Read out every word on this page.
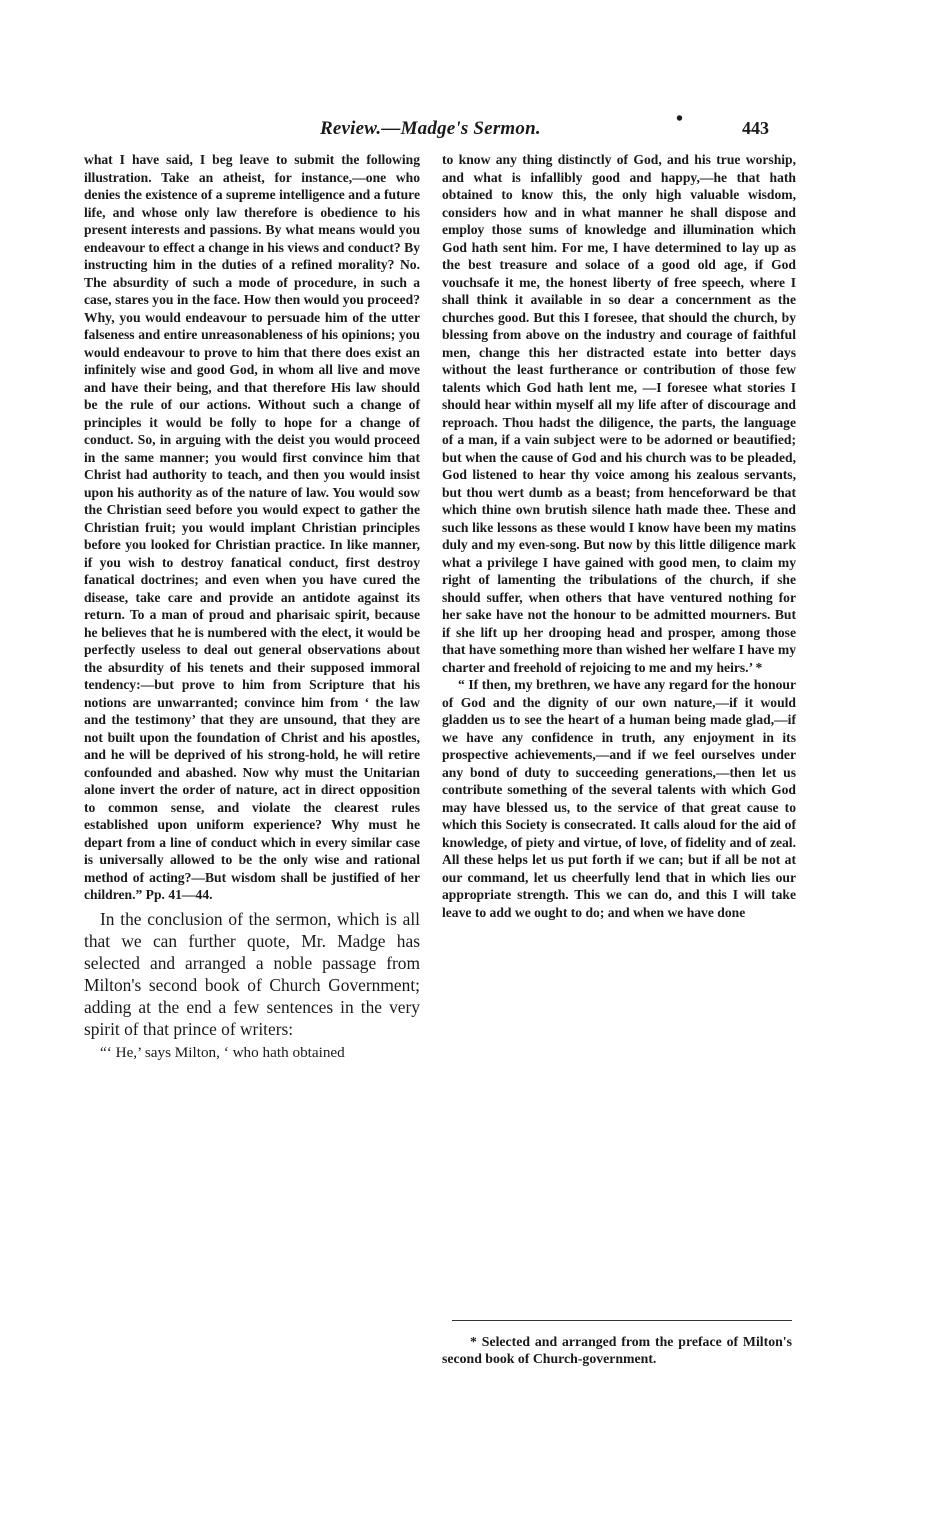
Review.—Madge's Sermon.	•	443

what I have said, I beg leave to submit the following illustration. Take an atheist, for instance,—one who denies the existence of a supreme intelligence and a future life, and whose only law therefore is obedience to his present interests and passions. By what means would you endeavour to effect a change in his views and conduct? By instructing him in the duties of a refined morality? No. The absurdity of such a mode of procedure, in such a case, stares you in the face. How then would you proceed? Why, you would endeavour to persuade him of the utter falseness and entire unreasonableness of his opinions; you would endeavour to prove to him that there does exist an infinitely wise and good God, in whom all live and move and have their being, and that therefore His law should be the rule of our actions. Without such a change of principles it would be folly to hope for a change of conduct. So, in arguing with the deist you would proceed in the same manner; you would first convince him that Christ had authority to teach, and then you would insist upon his authority as of the nature of law. You would sow the Christian seed before you would expect to gather the Christian fruit; you would implant Christian principles before you looked for Christian practice. In like manner, if you wish to destroy fanatical conduct, first destroy fanatical doctrines; and even when you have cured the disease, take care and provide an antidote against its return. To a man of proud and pharisaic spirit, because he believes that he is numbered with the elect, it would be perfectly useless to deal out general observations about the absurdity of his tenets and their supposed immoral tendency:—but prove to him from Scripture that his notions are unwarranted; convince him from ‘ the law and the testimony’ that they are unsound, that they are not built upon the foundation of Christ and his apostles, and he will be deprived of his strong-hold, he will retire confounded and abashed. Now why must the Unitarian alone invert the order of nature, act in direct opposition to common sense, and violate the clearest rules established upon uniform experience? Why must he depart from a line of conduct which in every similar case is universally allowed to be the only wise and rational method of acting?—But wisdom shall be justified of her children.” Pp. 41—44.

In the conclusion of the sermon, which is all that we can further quote, Mr. Madge has selected and arranged a noble passage from Milton's second book of Church Government; adding at the end a few sentences in the very spirit of that prince of writers:

“‘ He,’ says Milton, ‘ who hath obtained

to know any thing distinctly of God, and his true worship, and what is infallibly good and happy,—he that hath obtained to know this, the only high valuable wisdom, considers how and in what manner he shall dispose and employ those sums of knowledge and illumination which God hath sent him. For me, I have determined to lay up as the best treasure and solace of a good old age, if God vouchsafe it me, the honest liberty of free speech, where I shall think it available in so dear a concernment as the churches good. But this I foresee, that should the church, by blessing from above on the industry and courage of faithful men, change this her distracted estate into better days without the least furtherance or contribution of those few talents which God hath lent me, —I foresee what stories I should hear within myself all my life after of discourage and reproach. Thou hadst the diligence, the parts, the language of a man, if a vain subject were to be adorned or beautified; but when the cause of God and his church was to be pleaded, God listened to hear thy voice among his zealous servants, but thou wert dumb as a beast; from henceforward be that which thine own brutish silence hath made thee. These and such like lessons as these would I know have been my matins duly and my even-song. But now by this little diligence mark what a privilege I have gained with good men, to claim my right of lamenting the tribulations of the church, if she should suffer, when others that have ventured nothing for her sake have not the honour to be admitted mourners. But if she lift up her drooping head and prosper, among those that have something more than wished her welfare I have my charter and freehold of rejoicing to me and my heirs.’ *

“ If then, my brethren, we have any regard for the honour of God and the dignity of our own nature,—if it would gladden us to see the heart of a human being made glad,—if we have any confidence in truth, any enjoyment in its prospective achievements,—and if we feel ourselves under any bond of duty to succeeding generations,—then let us contribute something of the several talents with which God may have blessed us, to the service of that great cause to which this Society is consecrated. It calls aloud for the aid of knowledge, of piety and virtue, of love, of fidelity and of zeal. All these helps let us put forth if we can; but if all be not at our command, let us cheerfully lend that in which lies our appropriate strength. This we can do, and this I will take leave to add we ought to do; and when we have done

* Selected and arranged from the preface of Milton's second book of Church-government.
